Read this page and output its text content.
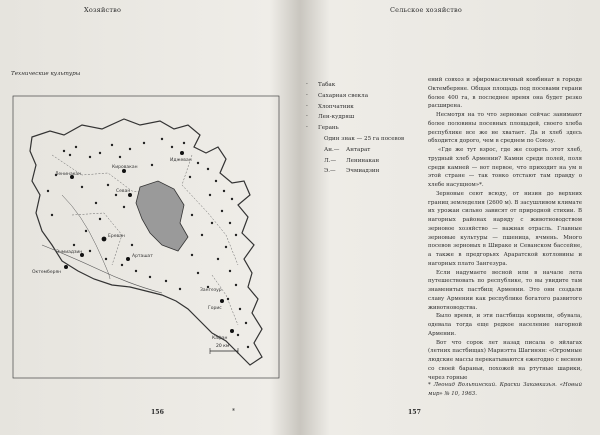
Хозяйство
Технические культуры
Ленинакан
Кировакан
Севан
Ереван
Эчмиадзин
Октемберян
Арташат
Кафан
Горис
Иджеван
Зангезур
20 км
156	*
Сельское хозяйство
·	Табак
·	Сахарная свекла
·	Хлопчатник
·	Лен-кудряш
·	Герань
Один знак — 25 га посевов
Ан.— Антарат
Л.— Ленинакан
Э.— Эчмиадзин

ений совхоз и эфиромасличный комбинат в городе Октемберяне. Общая площадь под посевами герани более 400 га, в последнее время она будет резко расширена.

Несмотря на то что зерновые сейчас занимают более половины посевных площадей, своего хлеба республике все же не хватает. Да и хлеб здесь обходится дорого, чем в среднем по Союзу.

«Где же тут взрос, где же созреть этот хлеб, трудный хлеб Армении? Камни среди полей, поля среди камней — вот первое, что приходит на ум в этой стране — так тонко отстают там правду о хлебе насущном»*.

Зерновые сеют всюду, от низин до верхних границ земледелия (2600 м). В засушливом климате их урожаи сильно зависят от природной стихии. В нагорных районах наряду с животноводством зерновое хозяйство — важная отрасль. Главные зерновые культуры — пшеница, ячмень. Много посевов зерновых в Шираке и Севанском бассейне, а также в предгорьях Араратской котловины и нагорных плато Зангезура.

Если надумаете весной или в начале лета путешествовать по республике, то вы увидите там знаменитых пастбищ Армении. Это они создали славу Армении как республике богатого развитого животноводства.

Было время, и эти пастбища кормили, обувала, одевала тогда еще редкое население нагорной Армении.

Вот что сорок лет назад писала о яйлагах (летних пастбищах) Мариэтта Шагинян: «Огромные людские массы перекатываются ежегодно с весною со своей бараньи, похожей на ртутные шарики, через горные

* Леонид Вольпинский. Краски Закавказья. «Новый мир» № 10, 1963.
157
